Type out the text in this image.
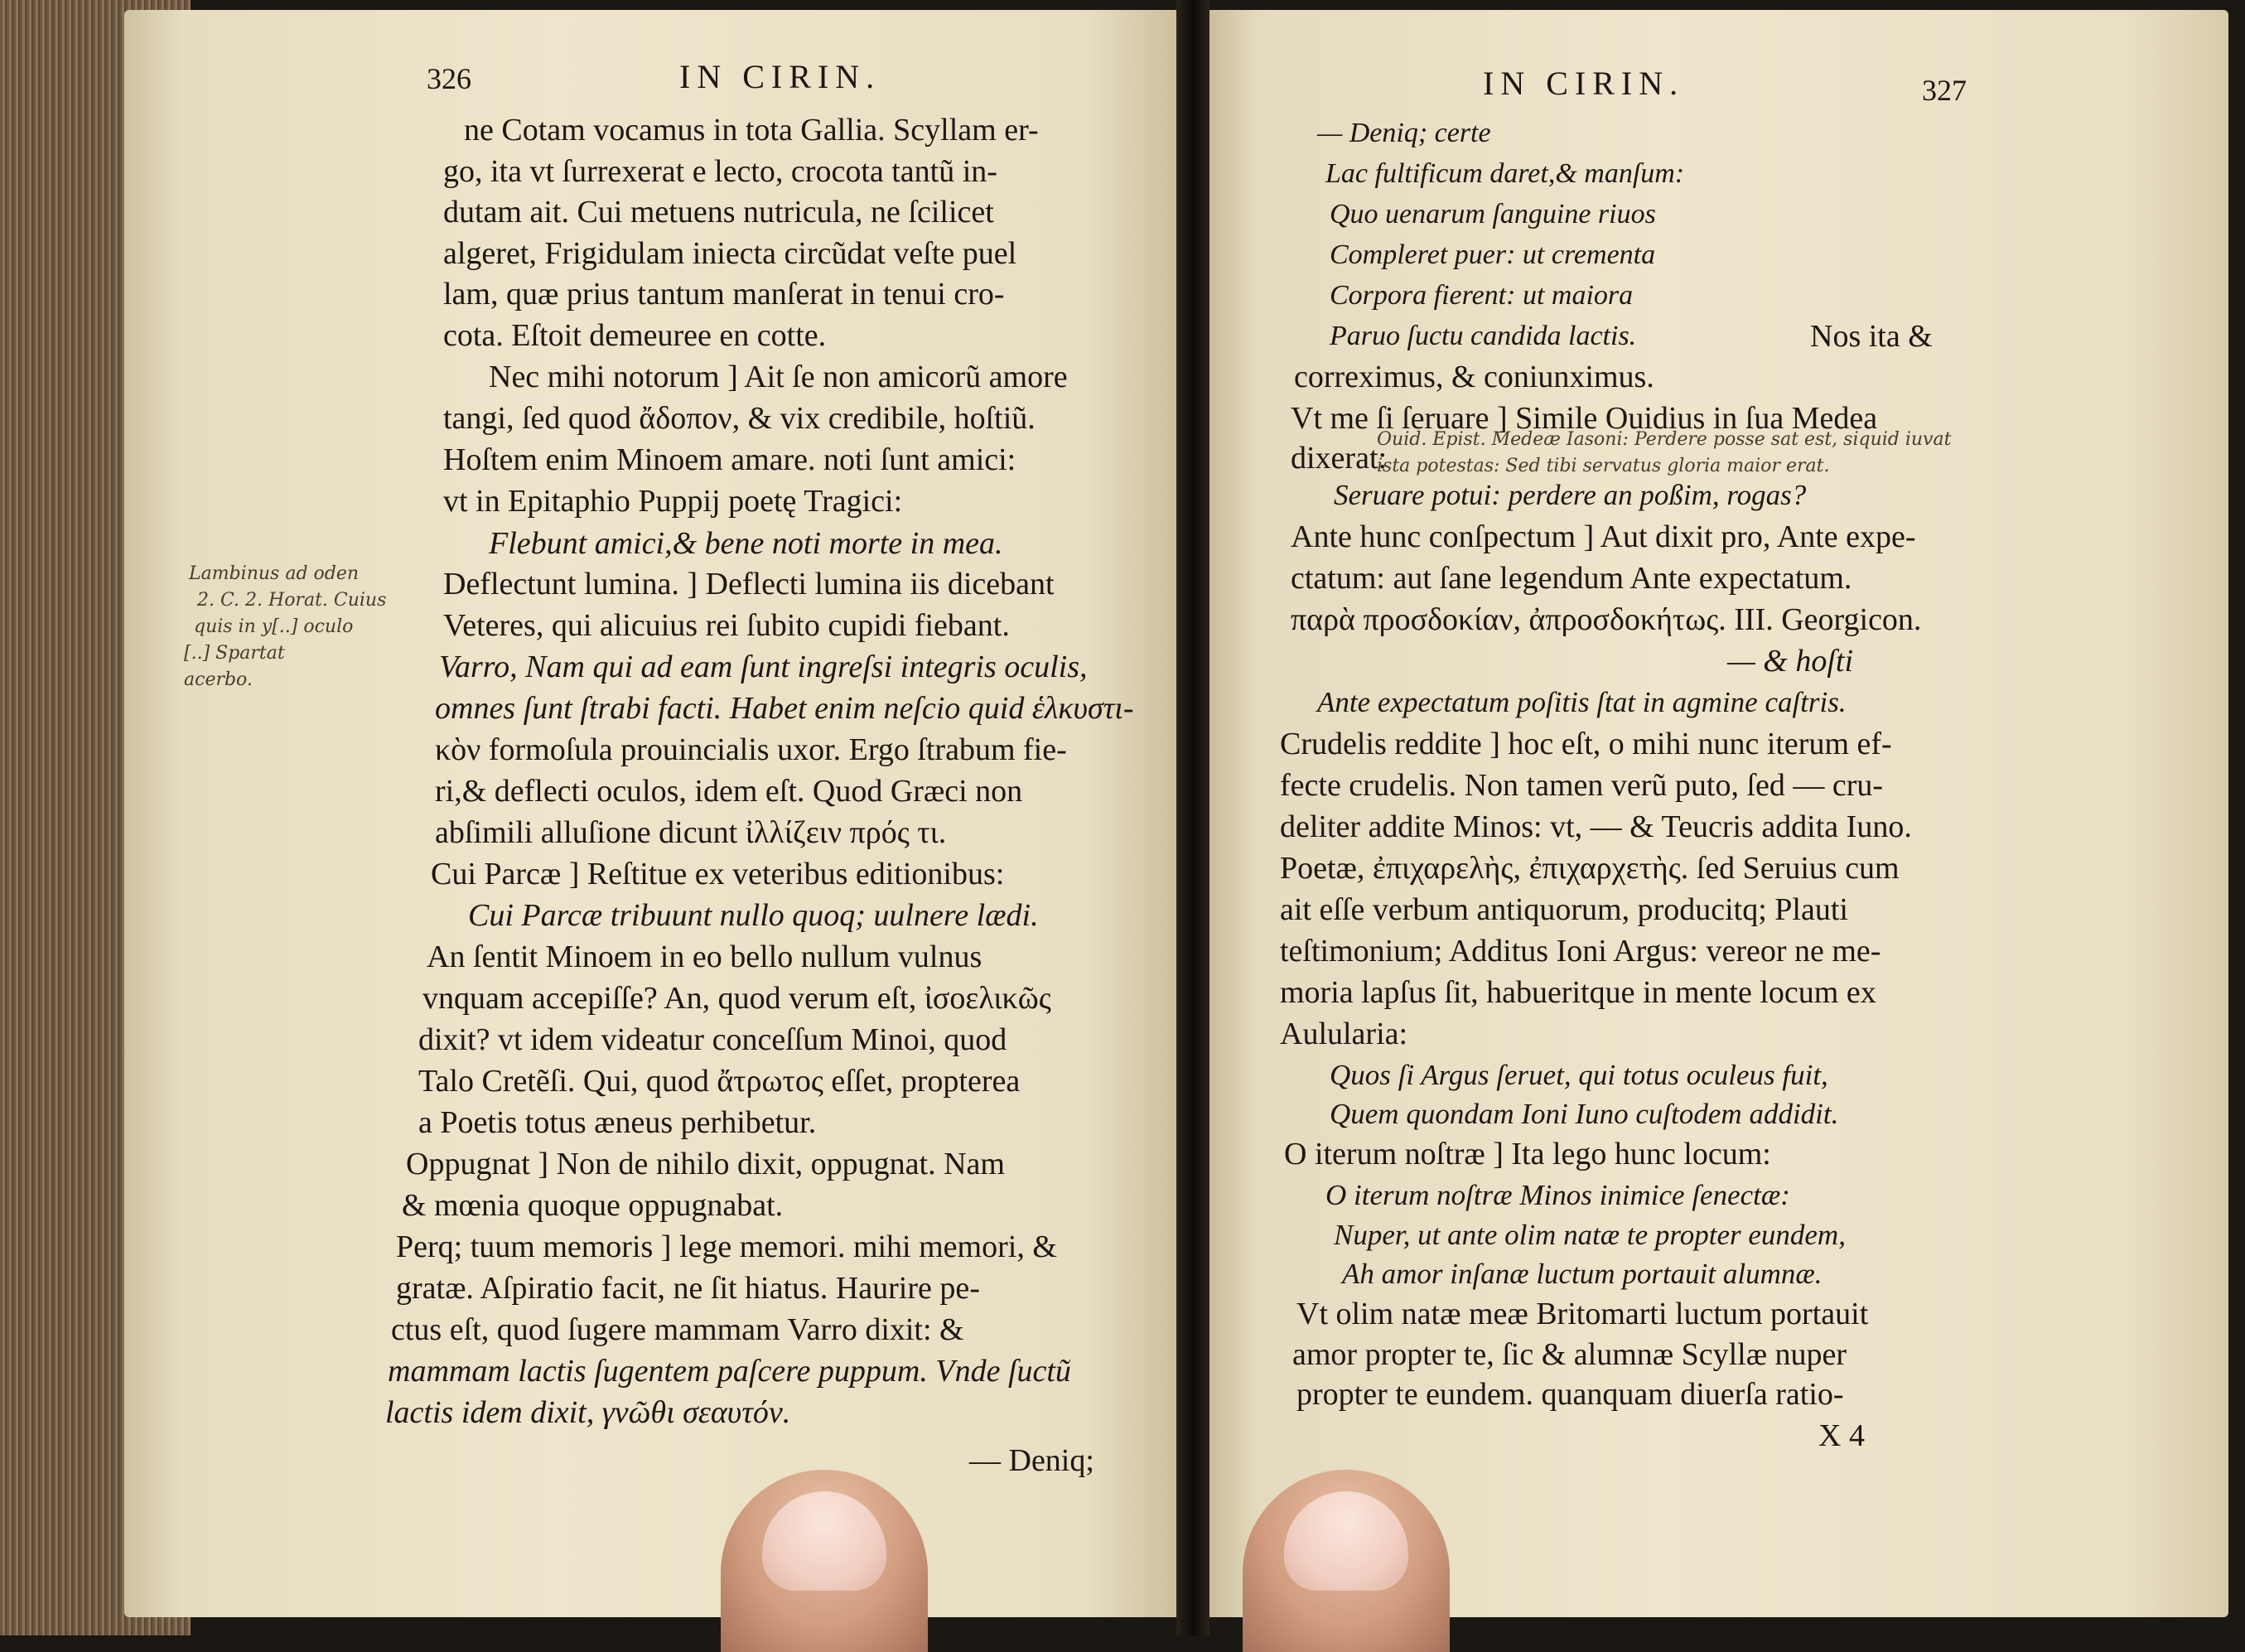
326	IN CIRIN.
ne Cotam vocamus in tota Gallia. Scyllam er-
go, ita vt ſurrexerat e lecto, crocota tantũ in-
dutam ait. Cui metuens nutricula, ne ſcilicet
algeret, Frigidulam iniecta circũdat veſte puel
lam, quæ prius tantum manſerat in tenui cro-
cota. Eſtoit demeuree en cotte.
Nec mihi notorum ] Ait ſe non amicorũ amore
tangi, ſed quod ἄδοπον, & vix credibile, hoſtiũ.
Hoſtem enim Minoem amare. noti ſunt amici:
vt in Epitaphio Puppij poetę Tragici:
Flebunt amici,& bene noti morte in mea.
Deflectunt lumina. ] Deflecti lumina iis dicebant
Veteres, qui alicuius rei ſubito cupidi fiebant.
Varro, Nam qui ad eam ſunt ingreſsi integris oculis,
omnes ſunt ſtrabi facti. Habet enim neſcio quid ἑλκυστι-
κὸν formoſula prouincialis uxor. Ergo ſtrabum fie-
ri,& deflecti oculos, idem eſt. Quod Græci non
abſimili alluſione dicunt ἰλλίζειν πρός τι.
Cui Parcæ ] Reſtitue ex veteribus editionibus:
Cui Parcæ tribuunt nullo quoq; uulnere lædi.
An ſentit Minoem in eo bello nullum vulnus
vnquam accepiſſe? An, quod verum eſt, ἰσοελικῶς
dixit? vt idem videatur conceſſum Minoi, quod
Talo Cretẽſi. Qui, quod ἄτρωτος eſſet, propterea
a Poetis totus æneus perhibetur.
Oppugnat ] Non de nihilo dixit, oppugnat. Nam
& mœnia quoque oppugnabat.
Perq; tuum memoris ] lege memori. mihi memori, &
gratæ. Aſpiratio facit, ne ſit hiatus. Haurire pe-
ctus eſt, quod ſugere mammam Varro dixit: &
mammam lactis ſugentem paſcere puppum. Vnde ſuctũ
lactis idem dixit, γνῶθι σεαυτόν.
— Deniq;
Lambinus ad oden
2. C. 2. Horat. Cuius
quis in y[..] oculo
[..] Spartat
acerbo.
IN CIRIN.	327
— Deniq; certe
Lac fultificum daret,& manſum:
Quo uenarum ſanguine riuos
Compleret puer: ut crementa
Corpora fierent: ut maiora
Paruo ſuctu candida lactis.	Nos ita &
correximus, & coniunximus.
Vt me ſi ſeruare ] Simile Ouidius in ſua Medea
dixerat:
Seruare potui: perdere an poßim, rogas?
Ante hunc conſpectum ] Aut dixit pro, Ante expe-
ctatum: aut ſane legendum Ante expectatum.
παρὰ προσδοκίαν, ἀπροσδοκήτως. III. Georgicon.
— & hoſti
Ante expectatum poſitis ſtat in agmine caſtris.
Crudelis reddite ] hoc eſt, o mihi nunc iterum ef-
fecte crudelis. Non tamen verũ puto, ſed — cru-
deliter addite Minos: vt, — & Teucris addita Iuno.
Poetæ, ἐπιχαρελὴς, ἐπιχαρχετὴς. ſed Seruius cum
ait eſſe verbum antiquorum, producitq; Plauti
teſtimonium; Additus Ioni Argus: vereor ne me-
moria lapſus ſit, habueritque in mente locum ex
Aulularia:
Quos ſi Argus ſeruet, qui totus oculeus fuit,
Quem quondam Ioni Iuno cuſtodem addidit.
O iterum noſtræ ] Ita lego hunc locum:
O iterum noſtræ Minos inimice ſenectæ:
Nuper, ut ante olim natæ te propter eundem,
Ah amor inſanæ luctum portauit alumnæ.
Vt olim natæ meæ Britomarti luctum portauit
amor propter te, ſic & alumnæ Scyllæ nuper
propter te eundem. quanquam diuerſa ratio-
X 4
Ouid. Epist. Medeæ Iasoni: Perdere posse sat est, siquid iuvat
ista potestas: Sed tibi servatus gloria maior erat.
